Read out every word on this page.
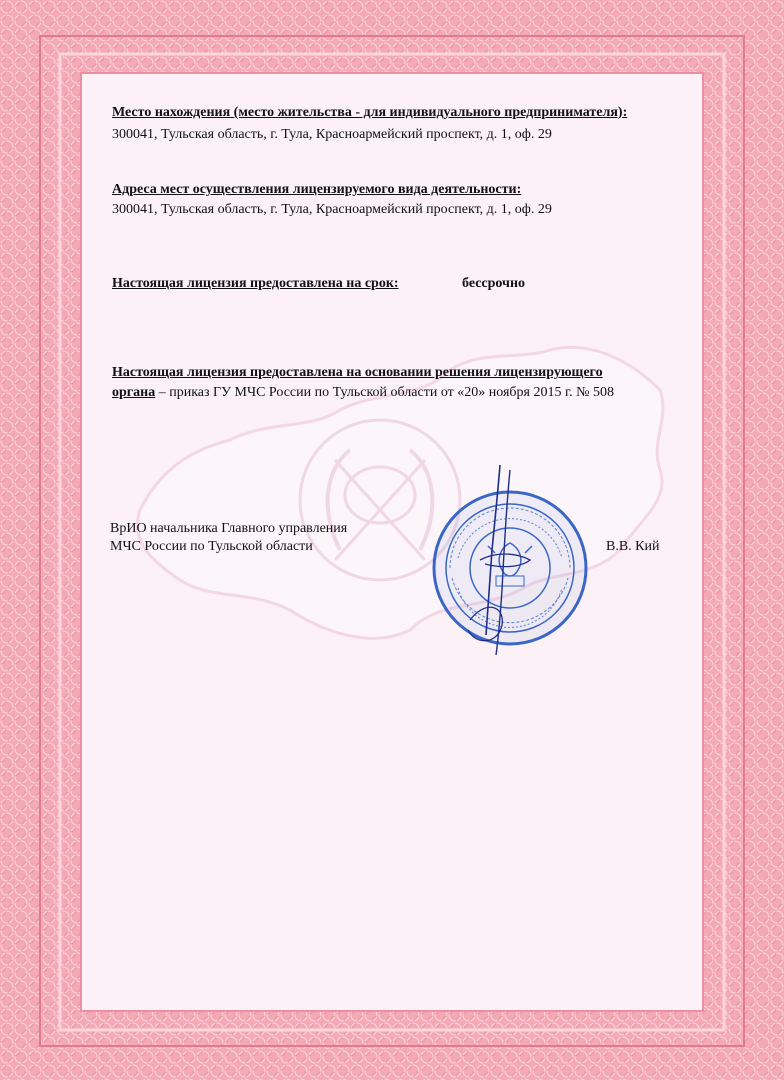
Место нахождения (место жительства - для индивидуального предпринимателя):
300041, Тульская область, г. Тула, Красноармейский проспект, д. 1, оф. 29
Адреса мест осуществления лицензируемого вида деятельности:
300041, Тульская область, г. Тула, Красноармейский проспект, д. 1, оф. 29
Настоящая лицензия предоставлена на срок:	бессрочно
Настоящая лицензия предоставлена на основании решения лицензирующего
органа – приказ ГУ МЧС России по Тульской области от «20» ноября 2015 г. № 508
ВрИО начальника Главного управления
МЧС России по Тульской области	В.В. Кий
